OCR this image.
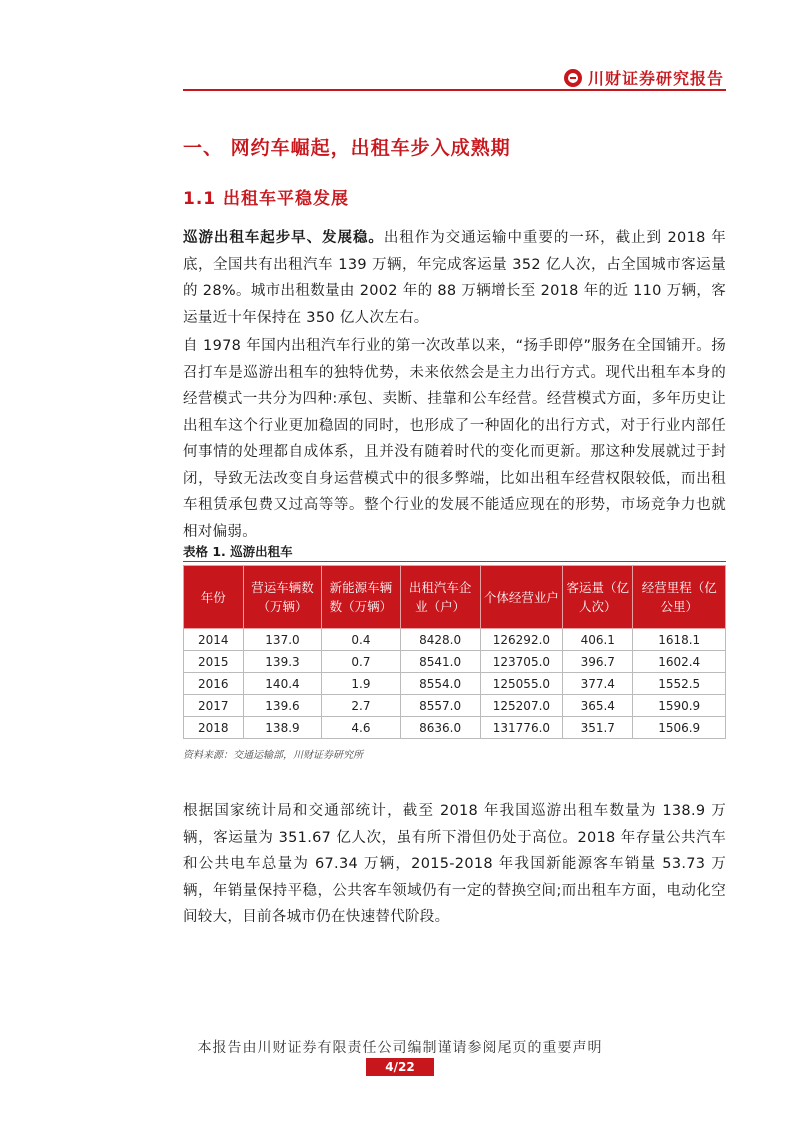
川财证券研究报告
一、 网约车崛起，出租车步入成熟期
1.1 出租车平稳发展
巡游出租车起步早、发展稳。出租作为交通运输中重要的一环，截止到 2018 年底，全国共有出租汽车 139 万辆，年完成客运量 352 亿人次，占全国城市客运量的 28%。城市出租数量由 2002 年的 88 万辆增长至 2018 年的近 110 万辆，客运量近十年保持在 350 亿人次左右。
自 1978 年国内出租汽车行业的第一次改革以来，“扬手即停”服务在全国铺开。扬召打车是巡游出租车的独特优势，未来依然会是主力出行方式。现代出租车本身的经营模式一共分为四种:承包、卖断、挂靠和公车经营。经营模式方面，多年历史让出租车这个行业更加稳固的同时，也形成了一种固化的出行方式，对于行业内部任何事情的处理都自成体系，且并没有随着时代的变化而更新。那这种发展就过于封闭，导致无法改变自身运营模式中的很多弊端，比如出租车经营权限较低，而出租车租赁承包费又过高等等。整个行业的发展不能适应现在的形势，市场竞争力也就相对偏弱。
表格 1. 巡游出租车
年份	营运车辆数（万辆）	新能源车辆数（万辆）	出租汽车企业（户）	个体经营业户	客运量（亿人次）	经营里程（亿公里）
2014	137.0	0.4	8428.0	126292.0	406.1	1618.1
2015	139.3	0.7	8541.0	123705.0	396.7	1602.4
2016	140.4	1.9	8554.0	125055.0	377.4	1552.5
2017	139.6	2.7	8557.0	125207.0	365.4	1590.9
2018	138.9	4.6	8636.0	131776.0	351.7	1506.9
资料来源：交通运输部，川财证券研究所
根据国家统计局和交通部统计，截至 2018 年我国巡游出租车数量为 138.9 万辆，客运量为 351.67 亿人次，虽有所下滑但仍处于高位。2018 年存量公共汽车和公共电车总量为 67.34 万辆，2015-2018 年我国新能源客车销量 53.73 万辆，年销量保持平稳，公共客车领域仍有一定的替换空间;而出租车方面，电动化空间较大，目前各城市仍在快速替代阶段。
本报告由川财证券有限责任公司编制谨请参阅尾页的重要声明
4/22
